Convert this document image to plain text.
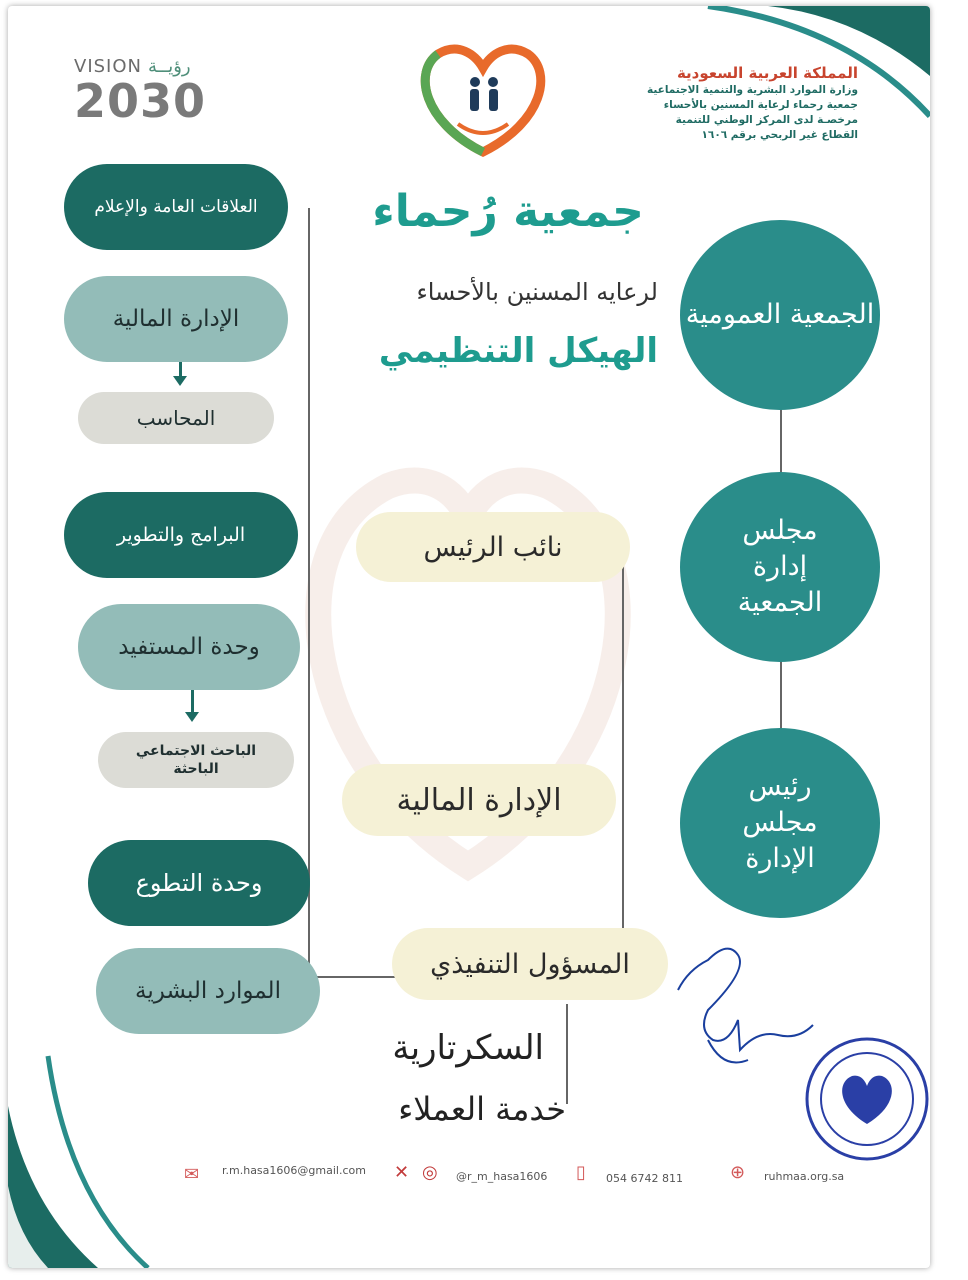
VISION رؤيــة
2030
المملكة العربية السعودية
وزارة الموارد البشرية والتنمية الاجتماعية
جمعية رحماء لرعاية المسنين بالأحساء
مرخصـة لدى المركز الوطني للتنمية
القطاع غير الربحي برقم ١٦٠٦
جمعية رُحماء
لرعايه المسنين بالأحساء
الهيكل التنظيمي
الجمعية العمومية
مجلس إدارة الجمعية
رئيس مجلس الإدارة
نائب الرئيس
الإدارة المالية
المسؤول التنفيذي
السكرتارية
خدمة العملاء
العلاقات العامة والإعلام
الإدارة المالية
المحاسب
البرامج والتطوير
وحدة المستفيد
الباحث الاجتماعي
الباحثة
وحدة التطوع
الموارد البشرية
✉ r.m.hasa1606@gmail.com ✕ ◎ @r_m_hasa1606 ▯ 054 6742 811	⊕ ruhmaa.org.sa
